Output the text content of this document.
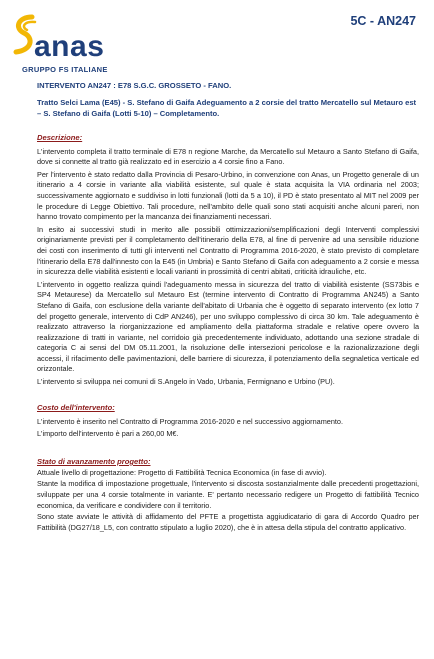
anas
GRUPPO FS ITALIANE
5C - AN247

INTERVENTO AN247 : E78 S.G.C. GROSSETO - FANO.

Tratto Selci Lama (E45) - S. Stefano di Gaifa Adeguamento a 2 corsie del tratto Mercatello sul Metauro est – S. Stefano di Gaifa (Lotti 5-10) – Completamento.

Descrizione:

L'intervento completa il tratto terminale di E78 n regione Marche, da Mercatello sul Metauro a Santo Stefano di Gaifa, dove si connette al tratto già realizzato ed in esercizio a 4 corsie fino a Fano.

Per l'intervento è stato redatto dalla Provincia di Pesaro-Urbino, in convenzione con Anas, un Progetto generale di un itinerario a 4 corsie in variante alla viabilità esistente, sul quale è stata acquisita la VIA ordinaria nel 2003; successivamente aggiornato e suddiviso in lotti funzionali (lotti da 5 a 10), il PD è stato presentato al MIT nel 2009 per le procedure di Legge Obiettivo. Tali procedure, nell'ambito delle quali sono stati acquisiti anche alcuni pareri, non hanno trovato compimento per la mancanza dei finanziamenti necessari.

In esito ai successivi studi in merito alle possibili ottimizzazioni/semplificazioni degli Interventi complessivi originariamente previsti per il completamento dell'itinerario della E78, al fine di pervenire ad una sensibile riduzione dei costi con inserimento di tutti gli interventi nel Contratto di Programma 2016-2020, è stato previsto di completare l'itinerario della E78 dall'innesto con la E45 (in Umbria) e Santo Stefano di Gaifa con adeguamento a 2 corsie e messa in sicurezza delle viabilità esistenti e locali varianti in prossimità di centri abitati, criticità idrauliche, etc.

L'intervento in oggetto realizza quindi l'adeguamento messa in sicurezza del tratto di viabilità esistente (SS73bis e SP4 Metaurese) da Mercatello sul Metauro Est (termine intervento di Contratto di Programma AN245) a Santo Stefano di Gaifa, con esclusione della variante dell'abitato di Urbania che è oggetto di separato intervento (ex lotto 7 del progetto generale, intervento di CdP AN246), per uno sviluppo complessivo di circa 30 km. Tale adeguamento è realizzato attraverso la riorganizzazione ed ampliamento della piattaforma stradale e relative opere ovvero la realizzazione di tratti in variante, nel corridoio già precedentemente individuato, adottando una sezione stradale di categoria C ai sensi del DM 05.11.2001, la risoluzione delle intersezioni pericolose e la razionalizzazione degli accessi, il rifacimento delle pavimentazioni, delle barriere di sicurezza, il potenziamento della segnaletica verticale ed orizzontale.

L'intervento si sviluppa nei comuni di S.Angelo in Vado, Urbania, Fermignano e Urbino (PU).

Costo dell'intervento:

L'intervento è inserito nel Contratto di Programma 2016-2020 e nel successivo aggiornamento.

L'importo dell'intervento è pari a 260,00 M€.

Stato di avanzamento progetto:

Attuale livello di progettazione: Progetto di Fattibilità Tecnica Economica (in fase di avvio).

Stante la modifica di impostazione progettuale, l'intervento si discosta sostanzialmente dalle precedenti progettazioni, sviluppate per una 4 corsie totalmente in variante. E' pertanto necessario redigere un Progetto di fattibilità Tecnico economica, da verificare e condividere con il territorio.

Sono state avviate le attività di affidamento del PFTE a progettista aggiudicatario di gara di Accordo Quadro per Fattibilità (DG27/18_L5, con contratto stipulato a luglio 2020), che è in attesa della stipula del contratto applicativo.
